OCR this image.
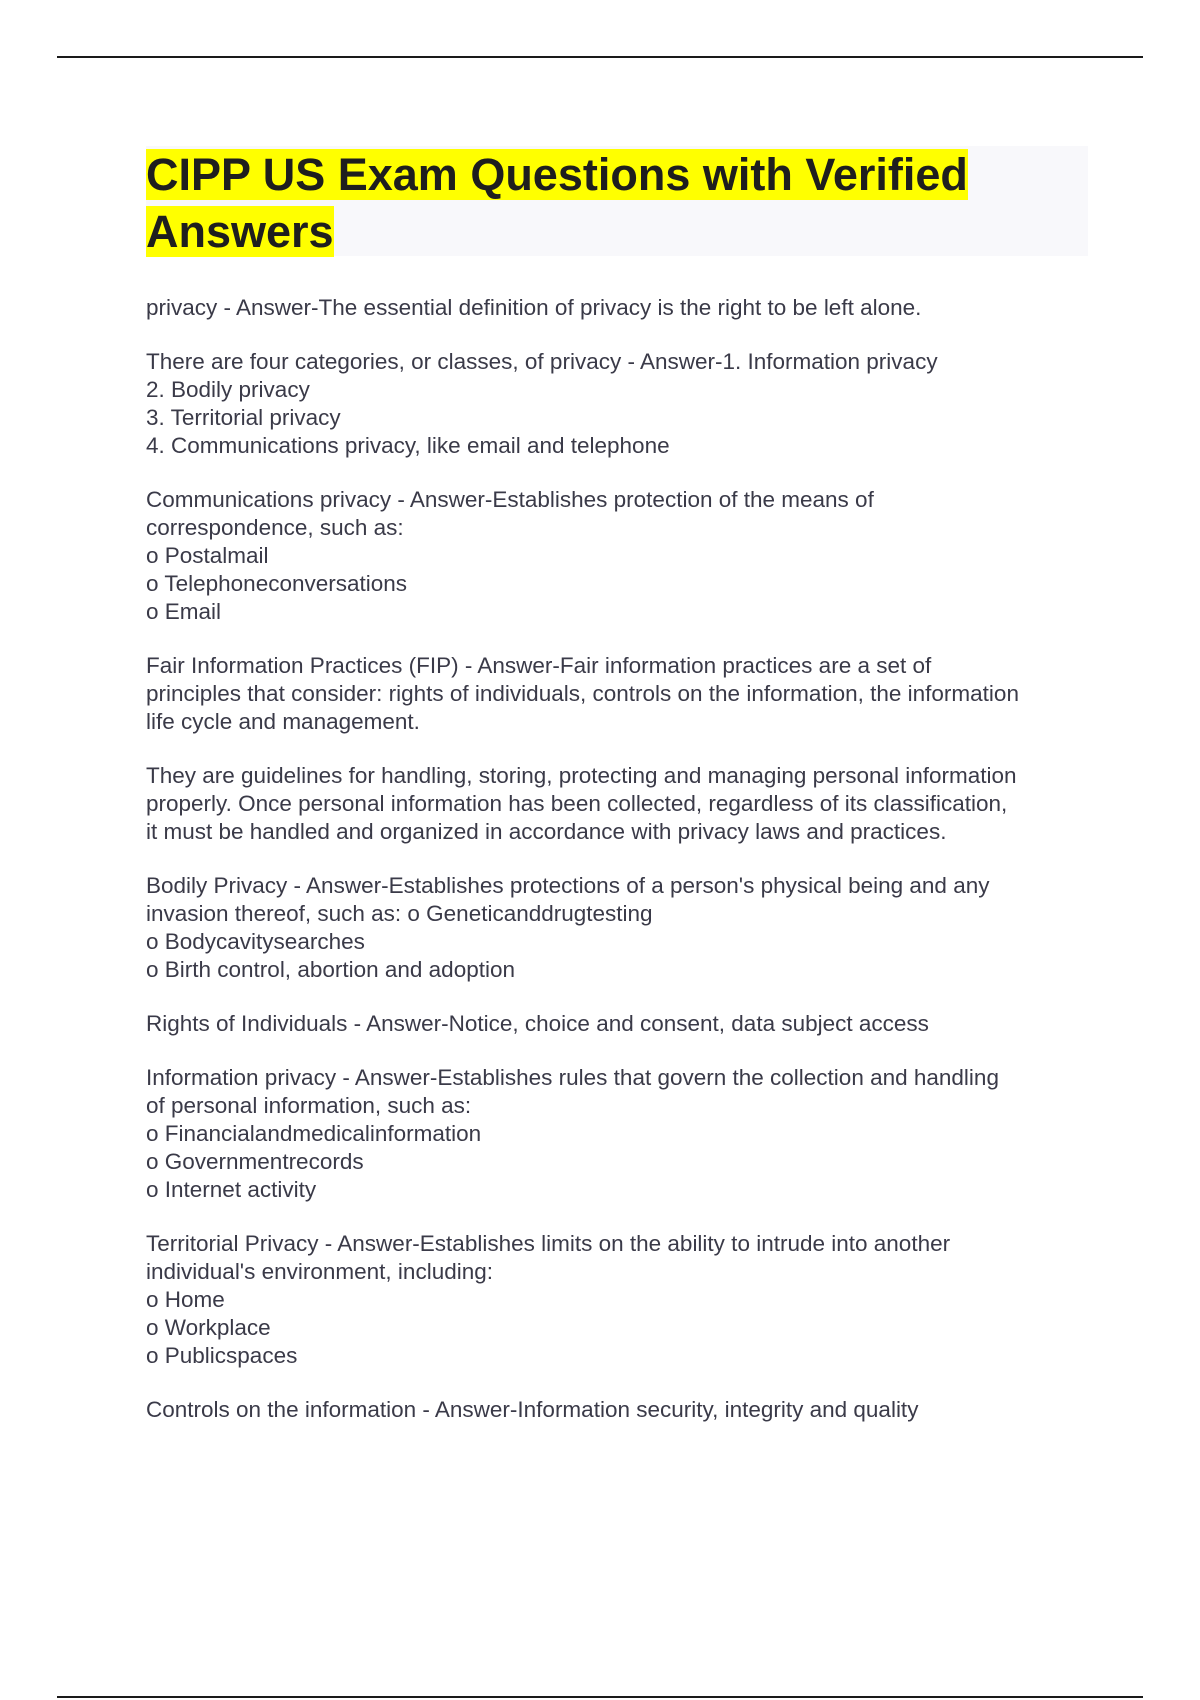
CIPP US Exam Questions with Verified Answers
privacy - Answer-The essential definition of privacy is the right to be left alone.
There are four categories, or classes, of privacy - Answer-1. Information privacy
2. Bodily privacy
3. Territorial privacy
4. Communications privacy, like email and telephone
Communications privacy - Answer-Establishes protection of the means of
correspondence, such as:
o Postalmail
o Telephoneconversations
o Email
Fair Information Practices (FIP) - Answer-Fair information practices are a set of
principles that consider: rights of individuals, controls on the information, the information
life cycle and management.
They are guidelines for handling, storing, protecting and managing personal information
properly. Once personal information has been collected, regardless of its classification,
it must be handled and organized in accordance with privacy laws and practices.
Bodily Privacy - Answer-Establishes protections of a person's physical being and any
invasion thereof, such as: o Geneticanddrugtesting
o Bodycavitysearches
o Birth control, abortion and adoption
Rights of Individuals - Answer-Notice, choice and consent, data subject access
Information privacy - Answer-Establishes rules that govern the collection and handling
of personal information, such as:
o Financialandmedicalinformation
o Governmentrecords
o Internet activity
Territorial Privacy - Answer-Establishes limits on the ability to intrude into another
individual's environment, including:
o Home
o Workplace
o Publicspaces
Controls on the information - Answer-Information security, integrity and quality
